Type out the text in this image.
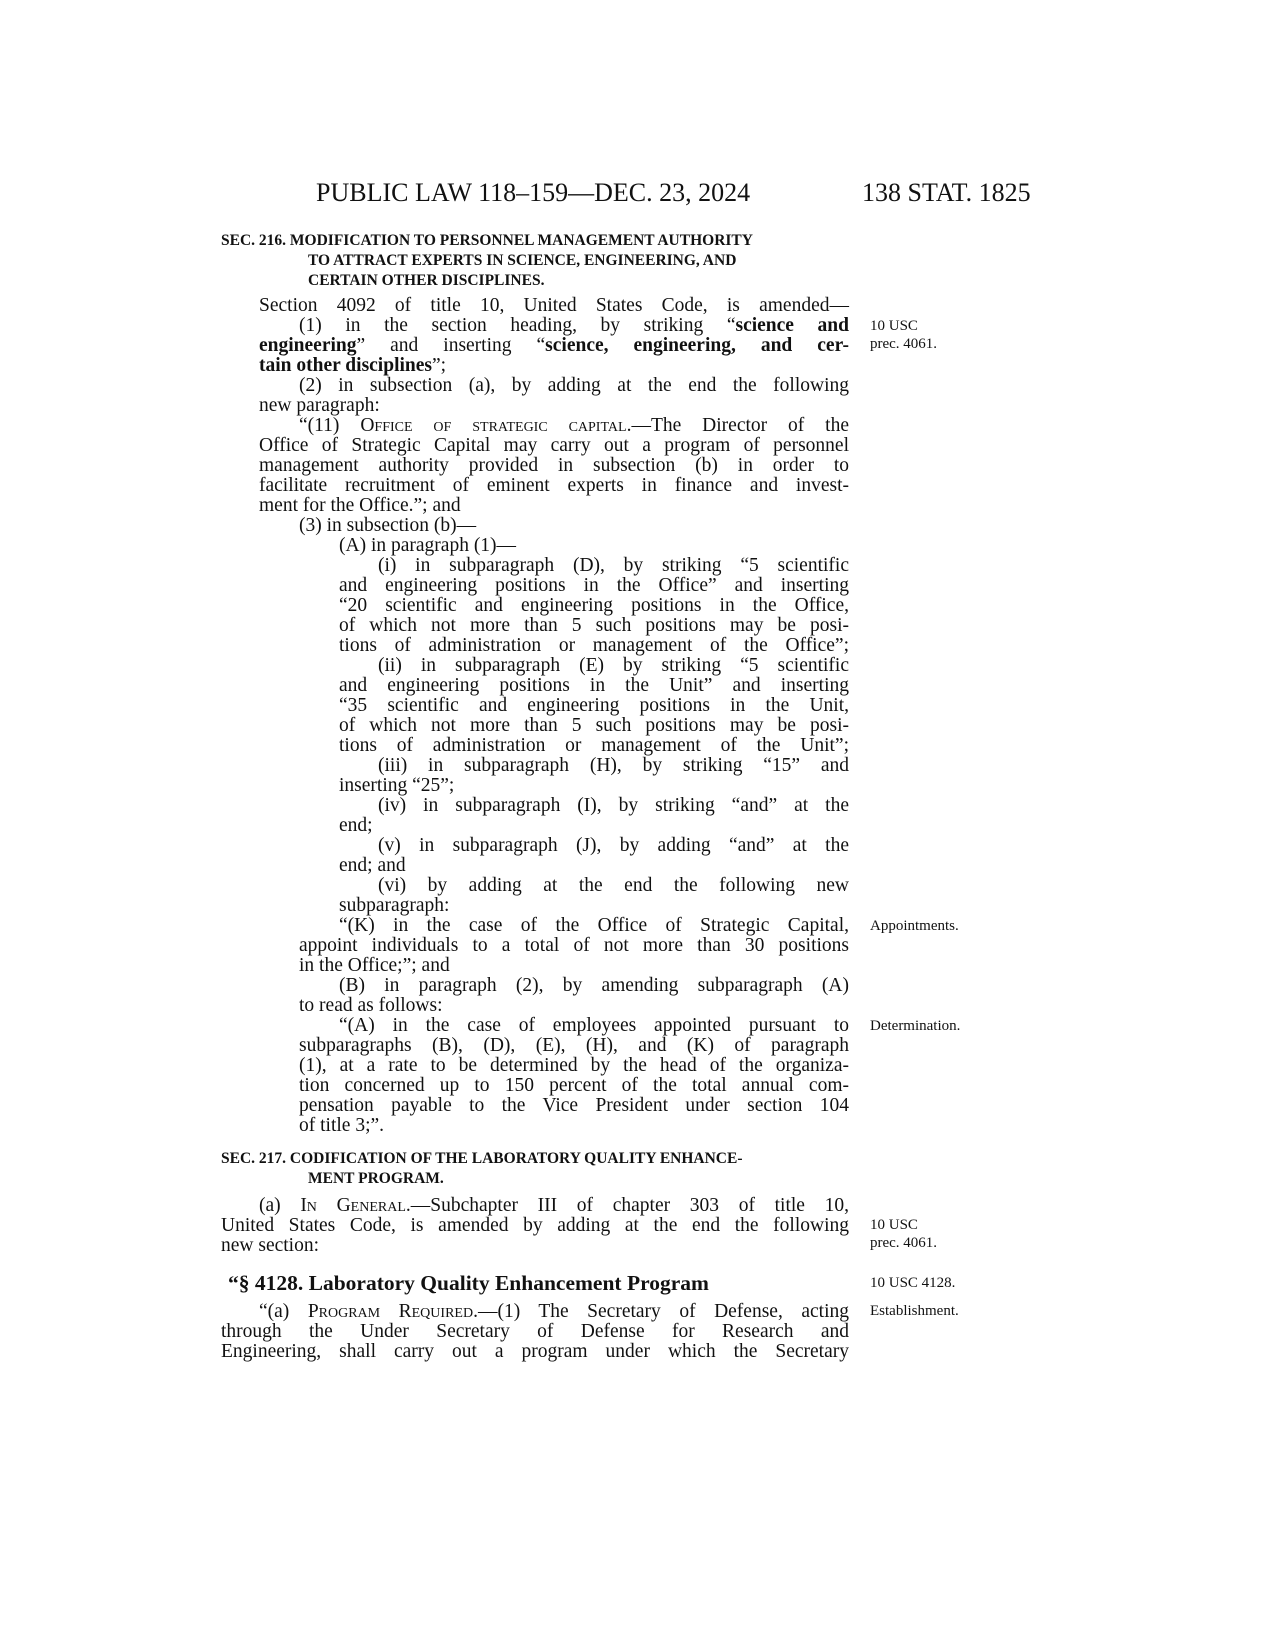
PUBLIC LAW 118–159—DEC. 23, 2024	138 STAT. 1825
SEC. 216. MODIFICATION TO PERSONNEL MANAGEMENT AUTHORITY
TO ATTRACT EXPERTS IN SCIENCE, ENGINEERING, AND
CERTAIN OTHER DISCIPLINES.
Section 4092 of title 10, United States Code, is amended—
(1) in the section heading, by striking “science and
engineering” and inserting “science, engineering, and cer-
tain other disciplines”;
(2) in subsection (a), by adding at the end the following
new paragraph:
“(11) Office of strategic capital.—The Director of the
Office of Strategic Capital may carry out a program of personnel
management authority provided in subsection (b) in order to
facilitate recruitment of eminent experts in finance and invest-
ment for the Office.”; and
(3) in subsection (b)—
(A) in paragraph (1)—
(i) in subparagraph (D), by striking “5 scientific
and engineering positions in the Office” and inserting
“20 scientific and engineering positions in the Office,
of which not more than 5 such positions may be posi-
tions of administration or management of the Office”;
(ii) in subparagraph (E) by striking “5 scientific
and engineering positions in the Unit” and inserting
“35 scientific and engineering positions in the Unit,
of which not more than 5 such positions may be posi-
tions of administration or management of the Unit”;
(iii) in subparagraph (H), by striking “15” and
inserting “25”;
(iv) in subparagraph (I), by striking “and” at the
end;
(v) in subparagraph (J), by adding “and” at the
end; and
(vi) by adding at the end the following new
subparagraph:
“(K) in the case of the Office of Strategic Capital,
appoint individuals to a total of not more than 30 positions
in the Office;”; and
(B) in paragraph (2), by amending subparagraph (A)
to read as follows:
“(A) in the case of employees appointed pursuant to
subparagraphs (B), (D), (E), (H), and (K) of paragraph
(1), at a rate to be determined by the head of the organiza-
tion concerned up to 150 percent of the total annual com-
pensation payable to the Vice President under section 104
of title 3;”.
SEC. 217. CODIFICATION OF THE LABORATORY QUALITY ENHANCE-
MENT PROGRAM.
(a) In General.—Subchapter III of chapter 303 of title 10,
United States Code, is amended by adding at the end the following
new section:
“§ 4128. Laboratory Quality Enhancement Program
“(a) Program Required.—(1) The Secretary of Defense, acting
through the Under Secretary of Defense for Research and
Engineering, shall carry out a program under which the Secretary
10 USC
prec. 4061.
Appointments.
Determination.
10 USC
prec. 4061.
10 USC 4128.
Establishment.
